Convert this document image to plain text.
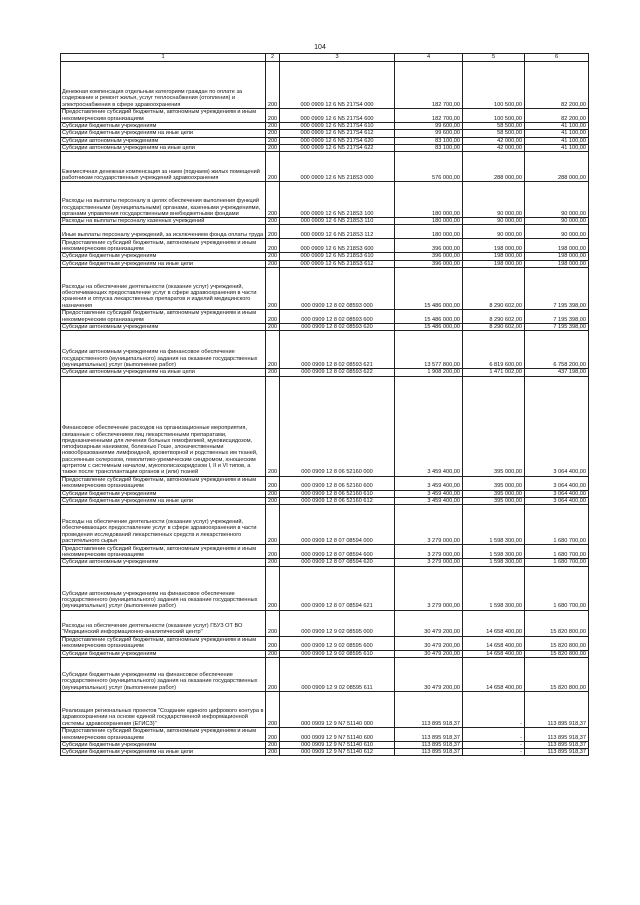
104
1	2	3	4	5	6
Денежная компенсация отдельным категориям граждан по оплате за содержание и ремонт жилья, услуг теплоснабжения (отопления) и электроснабжения в сфере здравоохранения	200	000 0909 12 6 N5 217S4 000	182 700,00	100 500,00	82 200,00
Предоставление субсидий бюджетным, автономным учреждениям и иным некоммерческим организациям	200	000 0909 12 6 N5 217S4 600	182 700,00	100 500,00	82 200,00
Субсидии бюджетным учреждениям	200	000 0909 12 6 N5 217S4 610	99 600,00	58 500,00	41 100,00
Субсидии бюджетным учреждениям на иные цели	200	000 0909 12 6 N5 217S4 612	99 600,00	58 500,00	41 100,00
Субсидии автономным учреждениям	200	000 0909 12 6 N5 217S4 620	83 100,00	42 000,00	41 100,00
Субсидии автономным учреждениям на иные цели	200	000 0909 12 6 N5 217S4 622	83 100,00	42 000,00	41 100,00
Ежемесячная денежная компенсация за наем (поднаем) жилых помещений работникам государственных учреждений здравоохранения	200	000 0909 12 6 N5 218S3 000	576 000,00	288 000,00	288 000,00
Расходы на выплаты персоналу в целях обеспечения выполнения функций государственными (муниципальными) органами, казенными учреждениями, органами управления государственными внебюджетными фондами	200	000 0909 12 6 N5 218S3 100	180 000,00	90 000,00	90 000,00
Расходы на выплаты персоналу казенных учреждений	200	000 0909 12 6 N5 218S3 110	180 000,00	90 000,00	90 000,00
Иные выплаты персоналу учреждений, за исключением фонда оплаты труда	200	000 0909 12 6 N5 218S3 112	180 000,00	90 000,00	90 000,00
Предоставление субсидий бюджетным, автономным учреждениям и иным некоммерческим организациям	200	000 0909 12 6 N5 218S3 600	396 000,00	198 000,00	198 000,00
Субсидии бюджетным учреждениям	200	000 0909 12 6 N5 218S3 610	396 000,00	198 000,00	198 000,00
Субсидии бюджетным учреждениям на иные цели	200	000 0909 12 6 N5 218S3 612	396 000,00	198 000,00	198 000,00
Расходы на обеспечение деятельности (оказание услуг) учреждений, обеспечивающих предоставление услуг в сфере здравоохранения в части хранения и отпуска лекарственных препаратов и изделий медицинского назначения	200	000 0909 12 8 02 08593 000	15 486 000,00	8 290 602,00	7 195 398,00
Предоставление субсидий бюджетным, автономным учреждениям и иным некоммерческим организациям	200	000 0909 12 8 02 08593 600	15 486 000,00	8 290 602,00	7 195 398,00
Субсидии автономным учреждениям	200	000 0909 12 8 02 08593 620	15 486 000,00	8 290 602,00	7 195 398,00
Субсидии автономным учреждениям на финансовое обеспечение государственного (муниципального) задания на оказание государственных (муниципальных) услуг (выполнение работ)	200	000 0909 12 8 02 08593 621	13 577 800,00	6 819 600,00	6 758 200,00
Субсидии автономным учреждениям на иные цели	200	000 0909 12 8 02 08593 622	1 908 200,00	1 471 002,00	437 198,00
Финансовое обеспечение расходов на организационные мероприятия, связанные с обеспечением лиц лекарственными препаратами, предназначенными для лечения больных гемофилией, муковисцидозом, гипофизарным нанизмом, болезнью Гоше, злокачественными новообразованиями лимфоидной, кроветворной и родственных им тканей, рассеянным склерозом, гемолитико-уремическим синдромом, юношеским артритом с системным началом, мукополисахаридозом I, II и VI типов, а также после трансплантации органов и (или) тканей	200	000 0909 12 8 06 52160 000	3 459 400,00	395 000,00	3 064 400,00
Предоставление субсидий бюджетным, автономным учреждениям и иным некоммерческим организациям	200	000 0909 12 8 06 52160 600	3 459 400,00	395 000,00	3 064 400,00
Субсидии бюджетным учреждениям	200	000 0909 12 8 06 52160 610	3 459 400,00	395 000,00	3 064 400,00
Субсидии бюджетным учреждениям на иные цели	200	000 0909 12 8 06 52160 612	3 459 400,00	395 000,00	3 064 400,00
Расходы на обеспечение деятельности (оказание услуг) учреждений, обеспечивающих предоставление услуг в сфере здравоохранения в части проведения исследований лекарственных средств и лекарственного растительного сырья	200	000 0909 12 8 07 08594 000	3 279 000,00	1 598 300,00	1 680 700,00
Предоставление субсидий бюджетным, автономным учреждениям и иным некоммерческим организациям	200	000 0909 12 8 07 08594 600	3 279 000,00	1 598 300,00	1 680 700,00
Субсидии автономным учреждениям	200	000 0909 12 8 07 08594 620	3 279 000,00	1 598 300,00	1 680 700,00
Субсидии автономным учреждениям на финансовое обеспечение государственного (муниципального) задания на оказание государственных (муниципальных) услуг (выполнение работ)	200	000 0909 12 8 07 08594 621	3 279 000,00	1 598 300,00	1 680 700,00
Расходы на обеспечение деятельности (оказание услуг) ГБУЗ ОТ ВО "Медицинский информационно-аналитический центр"	200	000 0909 12 9 02 08595 000	30 479 200,00	14 658 400,00	15 820 800,00
Предоставление субсидий бюджетным, автономным учреждениям и иным некоммерческим организациям	200	000 0909 12 9 02 08595 600	30 479 200,00	14 658 400,00	15 820 800,00
Субсидии бюджетным учреждениям	200	000 0909 12 9 02 08595 610	30 479 200,00	14 658 400,00	15 820 800,00
Субсидии бюджетным учреждениям на финансовое обеспечение государственного (муниципального) задания на оказание государственных (муниципальных) услуг (выполнение работ)	200	000 0909 12 9 02 08595 611	30 479 200,00	14 658 400,00	15 820 800,00
Реализация региональных проектов "Создание единого цифрового контура в здравоохранении на основе единой государственной информационной системы здравоохранения (ЕГИСЗ)"	200	000 0909 12 9 N7 51140 000	113 895 918,37	-	113 895 918,37
Предоставление субсидий бюджетным, автономным учреждениям и иным некоммерческим организациям	200	000 0909 12 9 N7 51140 600	113 895 918,37	-	113 895 918,37
Субсидии бюджетным учреждениям	200	000 0909 12 9 N7 51140 610	113 895 918,37	-	113 895 918,37
Субсидии бюджетным учреждениям на иные цели	200	000 0909 12 9 N7 51140 612	113 895 918,37	-	113 895 918,37
